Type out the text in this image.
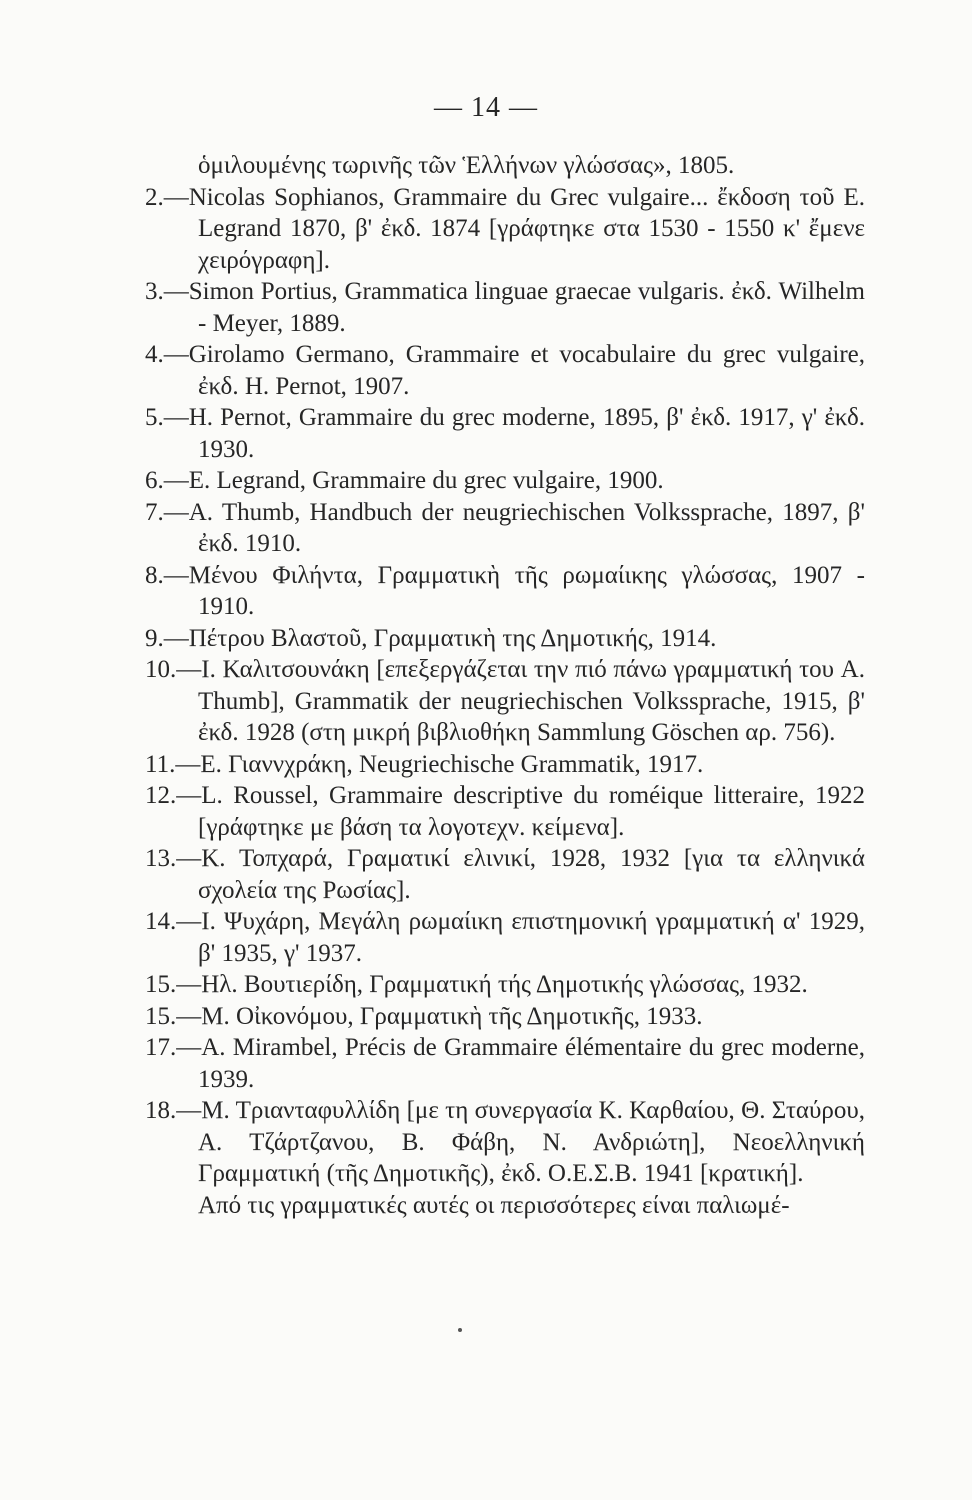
— 14 —

ὁμιλουμένης τωρινῆς τῶν Ἑλλήνων γλώσσας», 1805.

2.—Nicolas Sophianos, Grammaire du Grec vulgaire... ἔκδοση τοῦ E. Legrand 1870, β' ἐκδ. 1874 [γράφτηκε στα 1530 - 1550 κ' ἔμενε χειρόγραφη].

3.—Simon Portius, Grammatica linguae graecae vulgaris. ἐκδ. Wilhelm - Meyer, 1889.

4.—Girolamo Germano, Grammaire et vocabulaire du grec vulgaire, ἐκδ. H. Pernot, 1907.

5.—H. Pernot, Grammaire du grec moderne, 1895, β' ἐκδ. 1917, γ' ἐκδ. 1930.

6.—E. Legrand, Grammaire du grec vulgaire, 1900.

7.—A. Thumb, Handbuch der neugriechischen Volkssprache, 1897, β' ἐκδ. 1910.

8.—Μένου Φιλήντα, Γραμματικὴ τῆς ρωμαίικης γλώσσας, 1907 - 1910.

9.—Πέτρου Βλαστοῦ, Γραμματικὴ της Δημοτικής, 1914.

10.—Ι. Καλιτσουνάκη [επεξεργάζεται την πιό πάνω γραμματική του A. Thumb], Grammatik der neugriechischen Volkssprache, 1915, β' ἐκδ. 1928 (στη μικρή βιβλιοθήκη Sammlung Göschen αρ. 756).

11.—Ε. Γιαννχράκη, Neugriechische Grammatik, 1917.

12.—L. Roussel, Grammaire descriptive du roméique litteraire, 1922 [γράφτηκε με βάση τα λογοτεχν. κείμενα].

13.—Κ. Τοπχαρά, Γραματικί ελινικί, 1928, 1932 [για τα ελληνικά σχολεία της Ρωσίας].

14.—Ι. Ψυχάρη, Μεγάλη ρωμαίικη επιστημονική γραμματική α' 1929, β' 1935, γ' 1937.

15.—Ηλ. Βουτιερίδη, Γραμματική τής Δημοτικής γλώσσας, 1932.

15.—Μ. Οἰκονόμου, Γραμματικὴ τῆς Δημοτικῆς, 1933.

17.—A. Mirambel, Précis de Grammaire élémentaire du grec moderne, 1939.

18.—Μ. Τριανταφυλλίδη [με τη συνεργασία Κ. Καρθαίου, Θ. Σταύρου, Α. Τζάρτζανου, Β. Φάβη, Ν. Ανδριώτη], Νεοελληνική Γραμματική (τῆς Δημοτικῆς), ἐκδ. Ο.Ε.Σ.Β. 1941 [κρατική].

Από τις γραμματικές αυτές οι περισσότερες είναι παλιωμέ-
